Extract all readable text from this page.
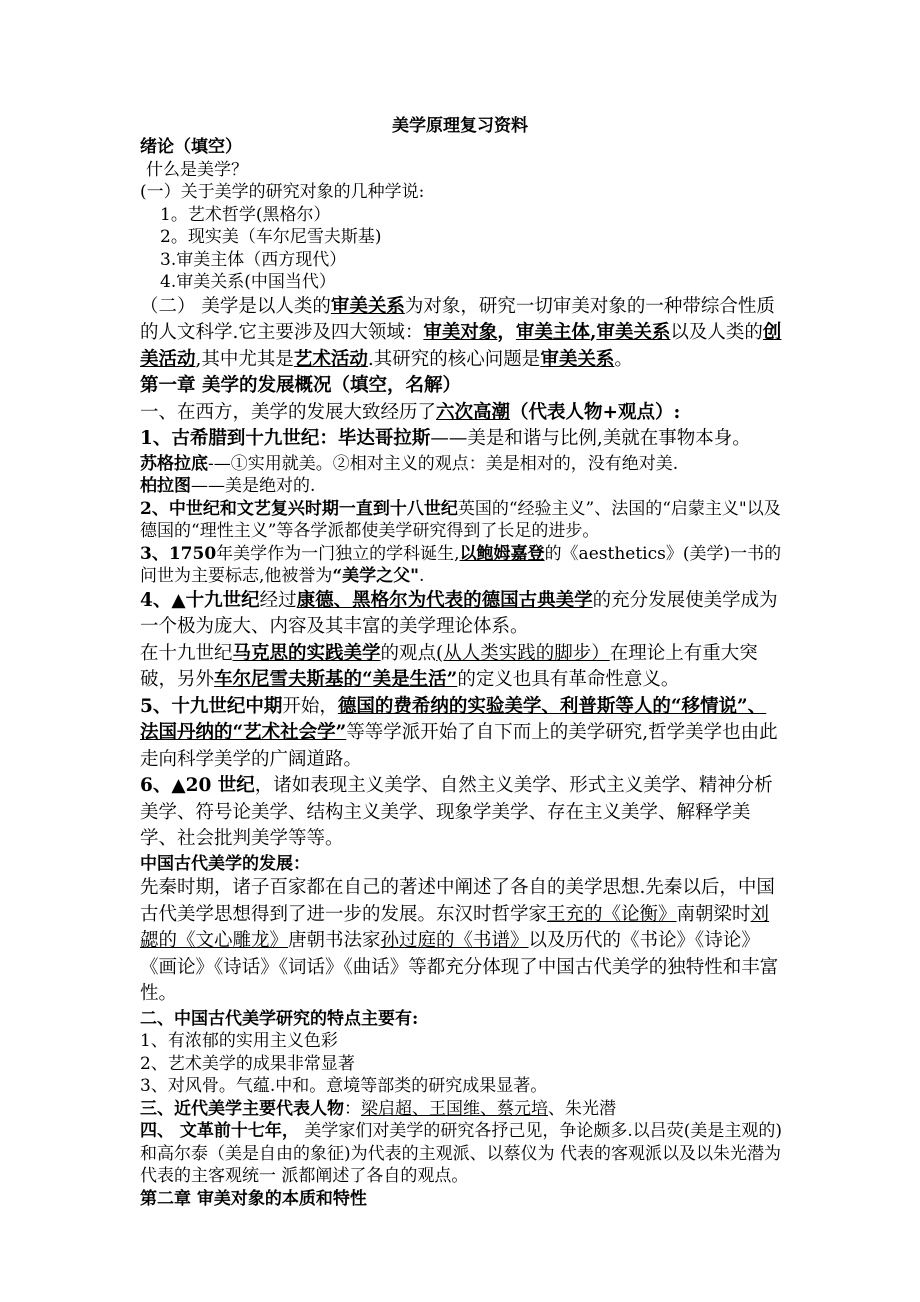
美学原理复习资料

绪论（填空）

什么是美学？

(一）关于美学的研究对象的几种学说:

1。艺术哲学(黑格尔）

2。现实美（车尔尼雪夫斯基)

3.审美主体（西方现代）

4.审美关系(中国当代）

（二） 美学是以人类的审美关系为对象，研究一切审美对象的一种带综合性质的人文科学.它主要涉及四大领域：审美对象，审美主体,审美关系以及人类的创美活动,其中尤其是艺术活动.其研究的核心问题是审美关系。

第一章 美学的发展概况（填空，名解）

一、在西方，美学的发展大致经历了六次高潮（代表人物+观点）:

1、古希腊到十九世纪：毕达哥拉斯——美是和谐与比例,美就在事物本身。

苏格拉底-—①实用就美。②相对主义的观点：美是相对的，没有绝对美.

柏拉图——美是绝对的.

2、中世纪和文艺复兴时期一直到十八世纪英国的“经验主义”、法国的“启蒙主义"以及德国的“理性主义”等各学派都使美学研究得到了长足的进步。

3、1750年美学作为一门独立的学科诞生,以鲍姆嘉登的《aesthetics》(美学)一书的问世为主要标志,他被誉为“美学之父".

4、▲十九世纪经过康德、黑格尔为代表的德国古典美学的充分发展使美学成为一个极为庞大、内容及其丰富的美学理论体系。

在十九世纪马克思的实践美学的观点(从人类实践的脚步）在理论上有重大突破，另外车尔尼雪夫斯基的“美是生活”的定义也具有革命性意义。

5、十九世纪中期开始，德国的费希纳的实验美学、利普斯等人的“移情说”、法国丹纳的“艺术社会学”等等学派开始了自下而上的美学研究,哲学美学也由此走向科学美学的广阔道路。

6、▲20 世纪，诸如表现主义美学、自然主义美学、形式主义美学、精神分析美学、符号论美学、结构主义美学、现象学美学、存在主义美学、解释学美学、社会批判美学等等。

中国古代美学的发展：

先秦时期，诸子百家都在自己的著述中阐述了各自的美学思想.先秦以后，中国古代美学思想得到了进一步的发展。东汉时哲学家王充的《论衡》南朝梁时刘勰的《文心雕龙》唐朝书法家孙过庭的《书谱》以及历代的《书论》《诗论》《画论》《诗话》《词话》《曲话》等都充分体现了中国古代美学的独特性和丰富性。

二、中国古代美学研究的特点主要有:

1、有浓郁的实用主义色彩

2、艺术美学的成果非常显著

3、对风骨。气蕴.中和。意境等部类的研究成果显著。

三、近代美学主要代表人物：梁启超、王国维、蔡元培、朱光潜

四、 文革前十七年， 美学家们对美学的研究各抒己见，争论颇多.以吕荧(美是主观的)和高尔泰（美是自由的象征)为代表的主观派、以蔡仪为 代表的客观派以及以朱光潜为代表的主客观统一 派都阐述了各自的观点。

第二章 审美对象的本质和特性
